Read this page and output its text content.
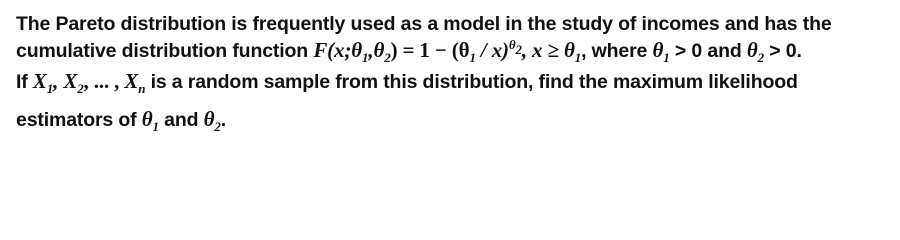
The Pareto distribution is frequently used as a model in the study of incomes and has the
cumulative distribution function $F(x;\theta_1,\theta_2) = 1 - (\theta_1 / x)^{\theta_2}$, $x \ge \theta_1$, where $\theta_1 > 0$ and $\theta_2 > 0$.
If $X_1$, $X_2$, ... , $X_n$ is a random sample from this distribution, find the maximum likelihood
estimators of $\theta_1$ and $\theta_2$.
